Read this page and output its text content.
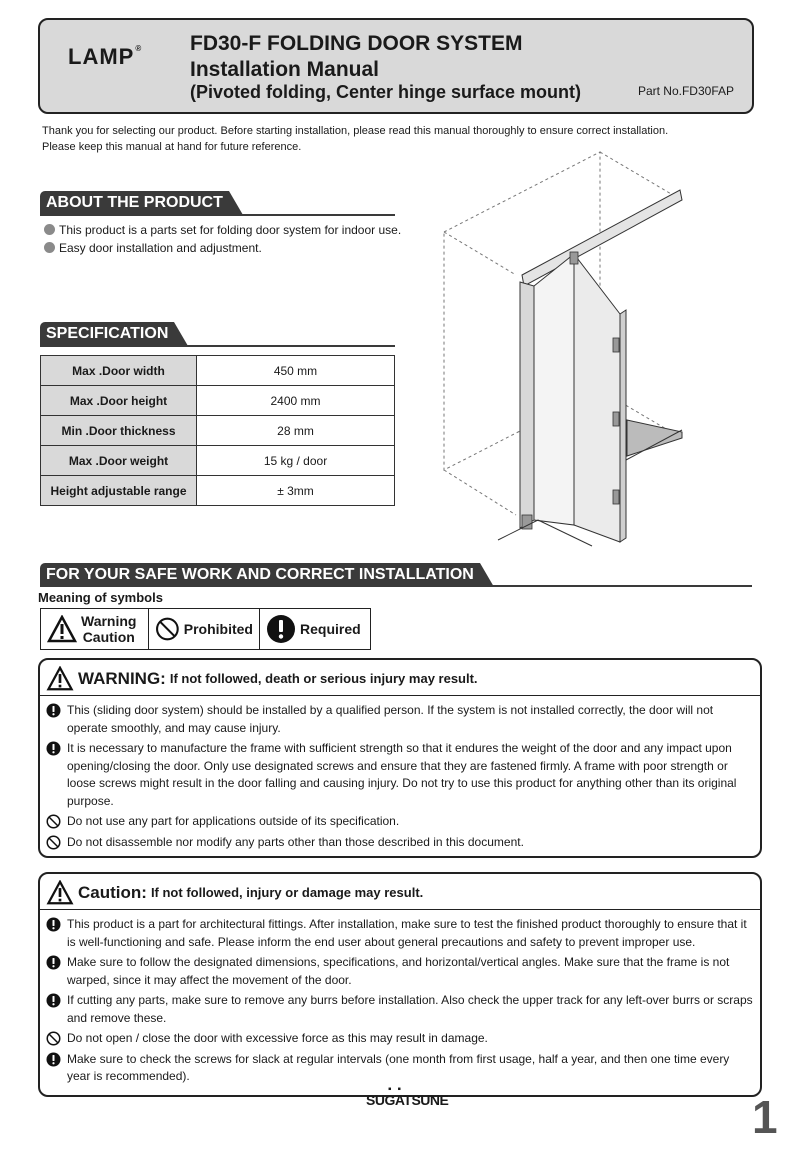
LAMP® FD30-F FOLDING DOOR SYSTEM
Installation Manual
(Pivoted folding, Center hinge surface mount)	Part No.FD30FAP
Thank you for selecting our product. Before starting installation, please read this manual thoroughly to ensure correct installation.
Please keep this manual at hand for future reference.
ABOUT THE PRODUCT
This product is a parts set for folding door system for indoor use.
Easy door installation and adjustment.
SPECIFICATION
Max .Door width	450 mm
Max .Door height	2400 mm
Min .Door thickness	28 mm
Max .Door weight	15 kg / door
Height adjustable range	± 3mm
FOR YOUR SAFE WORK AND CORRECT INSTALLATION
Meaning of symbols
Warning
Caution	Prohibited	Required
WARNING: If not followed, death or serious injury may result.
This (sliding door system) should be installed by a qualified person. If the system is not installed correctly, the door will not operate smoothly, and may cause injury.
It is necessary to manufacture the frame with sufficient strength so that it endures the weight of the door and any impact upon opening/closing the door. Only use designated screws and ensure that they are fastened firmly. A frame with poor strength or loose screws might result in the door falling and causing injury. Do not try to use this product for anything other than its original purpose.
Do not use any part for applications outside of its specification.
Do not disassemble nor modify any parts other than those described in this document.
Caution: If not followed, injury or damage may result.
This product is a part for architectural fittings. After installation, make sure to test the finished product thoroughly to ensure that it is well-functioning and safe. Please inform the end user about general precautions and safety to prevent improper use.
Make sure to follow the designated dimensions, specifications, and horizontal/vertical angles. Make sure that the frame is not warped, since it may affect the movement of the door.
If cutting any parts, make sure to remove any burrs before installation. Also check the upper track for any left-over burrs or scraps and remove these.
Do not open / close the door with excessive force as this may result in damage.
Make sure to check the screws for slack at regular intervals (one month from first usage, half a year, and then one time every year is recommended).
▪▪
SUGATSUNE	1
